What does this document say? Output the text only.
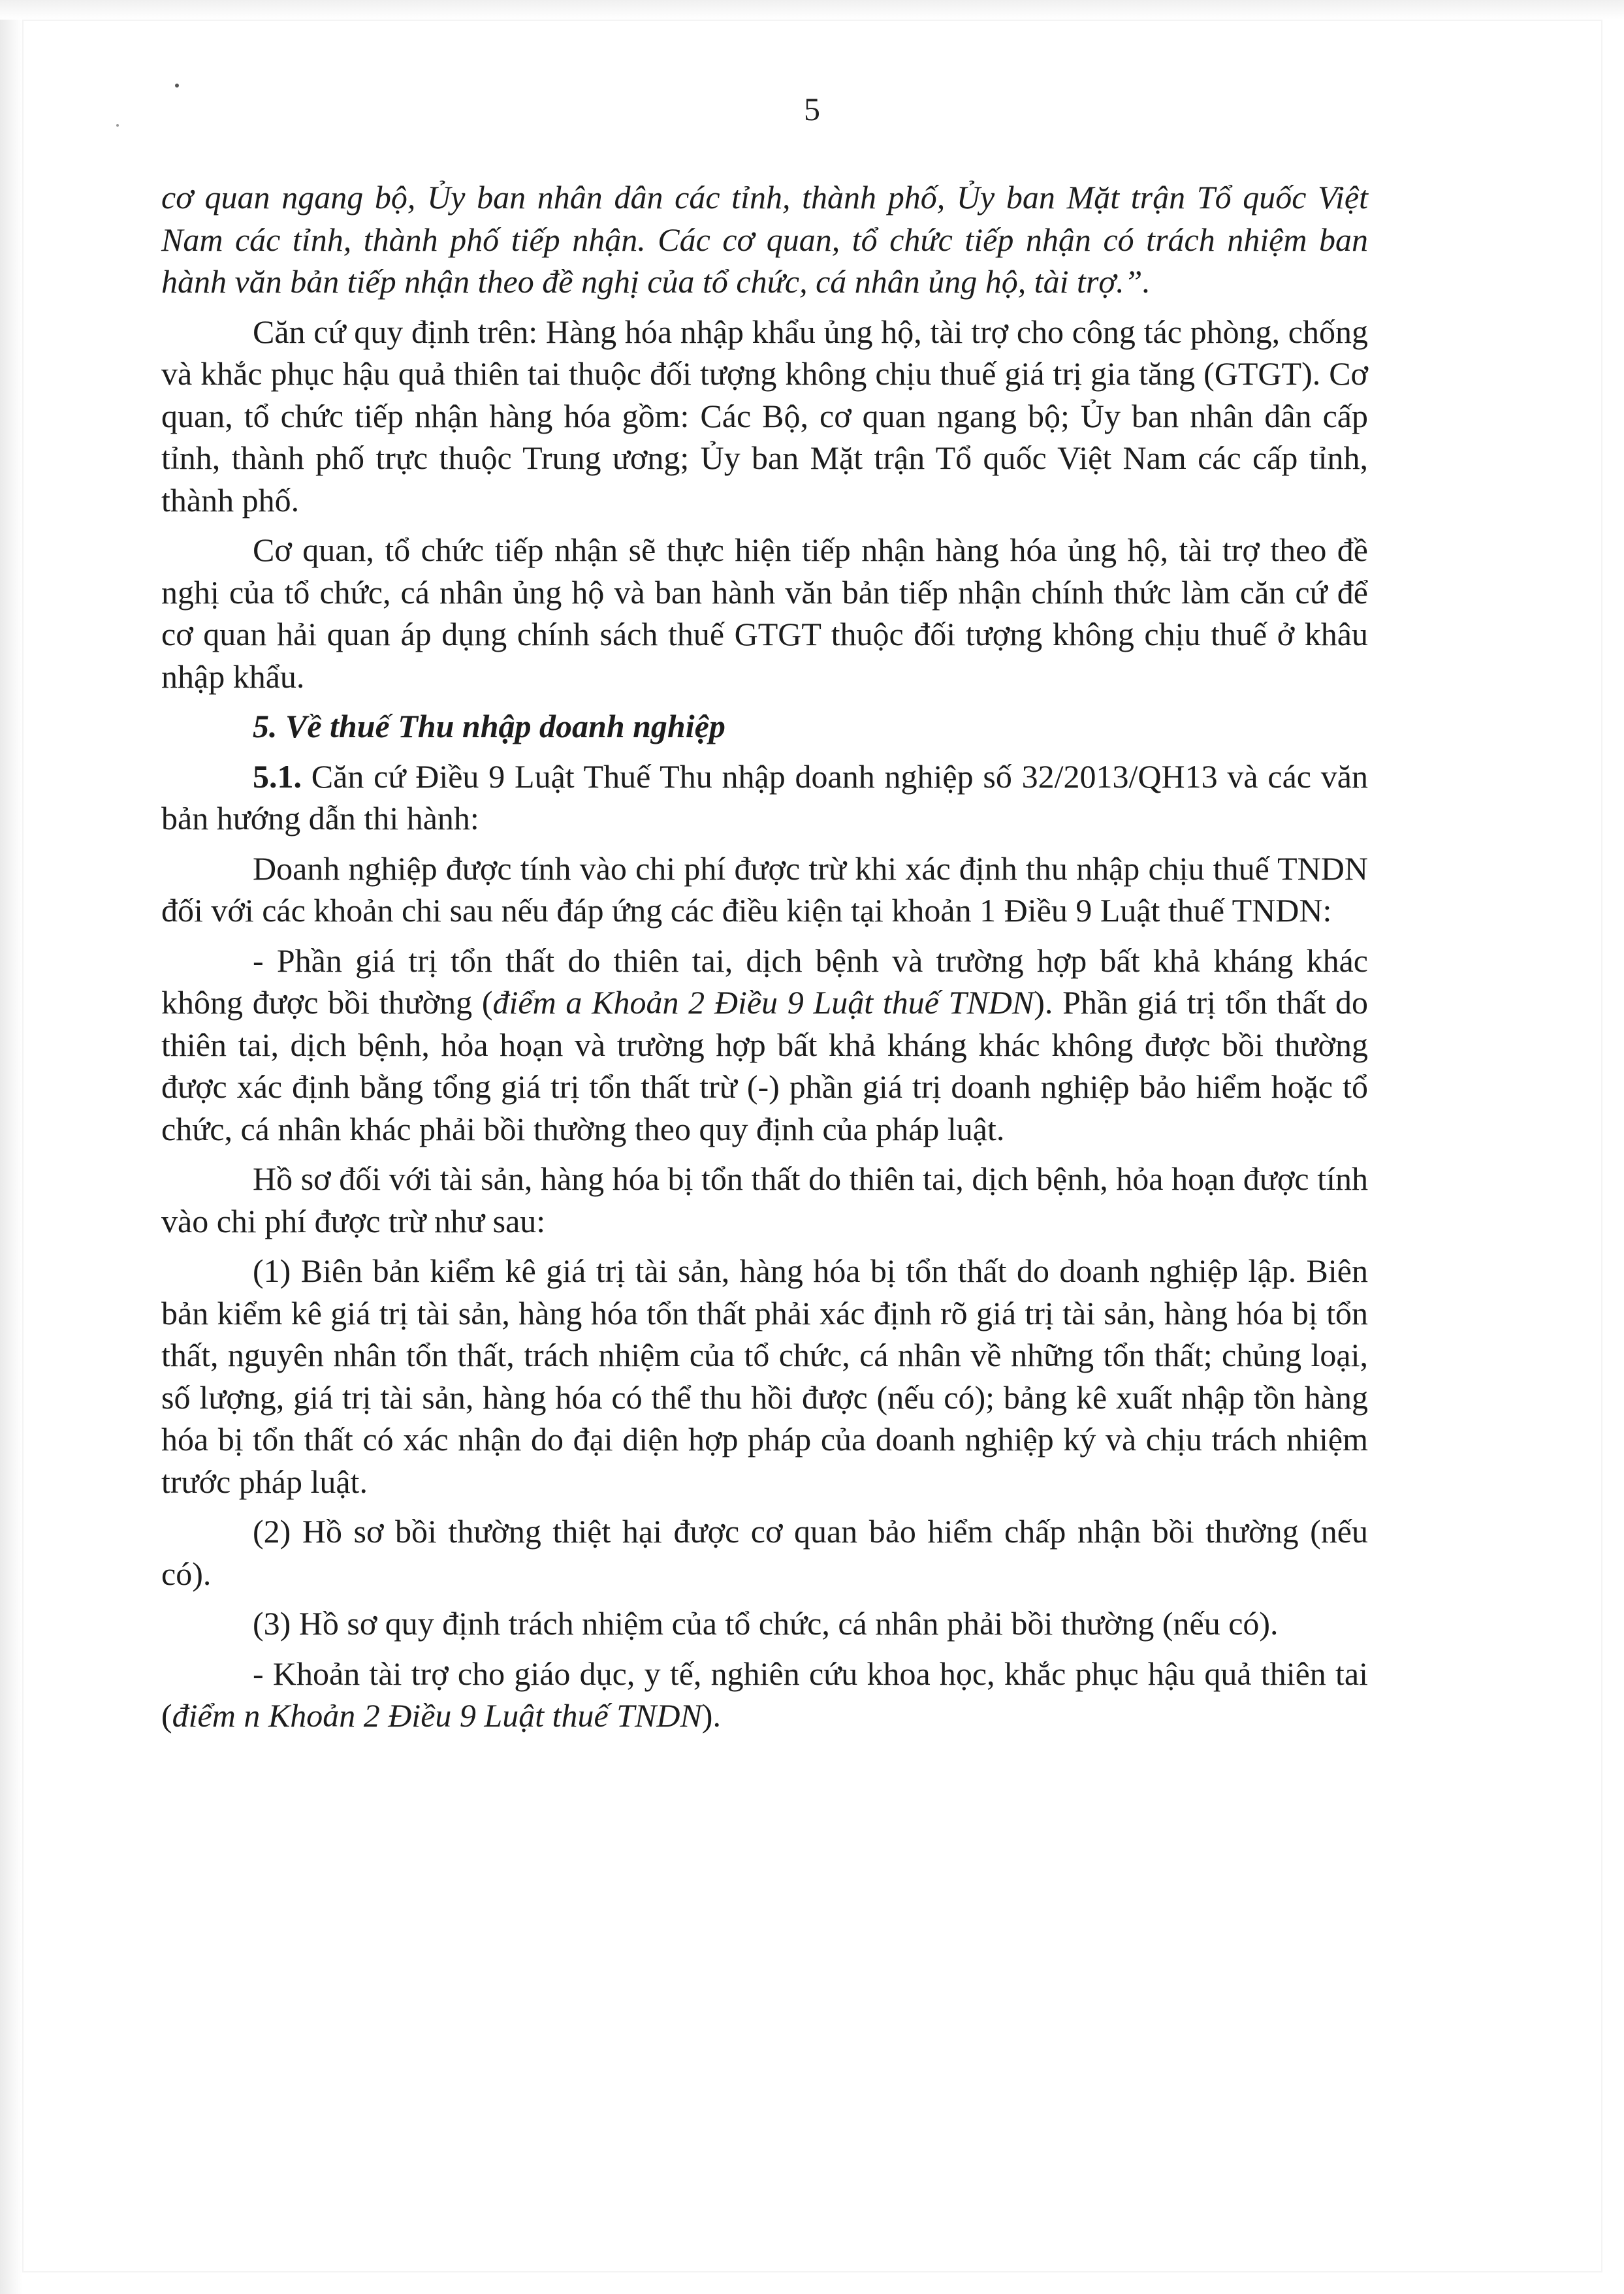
5

cơ quan ngang bộ, Ủy ban nhân dân các tỉnh, thành phố, Ủy ban Mặt trận Tổ quốc Việt Nam các tỉnh, thành phố tiếp nhận. Các cơ quan, tổ chức tiếp nhận có trách nhiệm ban hành văn bản tiếp nhận theo đề nghị của tổ chức, cá nhân ủng hộ, tài trợ.”.

Căn cứ quy định trên: Hàng hóa nhập khẩu ủng hộ, tài trợ cho công tác phòng, chống và khắc phục hậu quả thiên tai thuộc đối tượng không chịu thuế giá trị gia tăng (GTGT). Cơ quan, tổ chức tiếp nhận hàng hóa gồm: Các Bộ, cơ quan ngang bộ; Ủy ban nhân dân cấp tỉnh, thành phố trực thuộc Trung ương; Ủy ban Mặt trận Tổ quốc Việt Nam các cấp tỉnh, thành phố.

Cơ quan, tổ chức tiếp nhận sẽ thực hiện tiếp nhận hàng hóa ủng hộ, tài trợ theo đề nghị của tổ chức, cá nhân ủng hộ và ban hành văn bản tiếp nhận chính thức làm căn cứ để cơ quan hải quan áp dụng chính sách thuế GTGT thuộc đối tượng không chịu thuế ở khâu nhập khẩu.

5. Về thuế Thu nhập doanh nghiệp

5.1. Căn cứ Điều 9 Luật Thuế Thu nhập doanh nghiệp số 32/2013/QH13 và các văn bản hướng dẫn thi hành:

Doanh nghiệp được tính vào chi phí được trừ khi xác định thu nhập chịu thuế TNDN đối với các khoản chi sau nếu đáp ứng các điều kiện tại khoản 1 Điều 9 Luật thuế TNDN:

- Phần giá trị tổn thất do thiên tai, dịch bệnh và trường hợp bất khả kháng khác không được bồi thường (điểm a Khoản 2 Điều 9 Luật thuế TNDN). Phần giá trị tổn thất do thiên tai, dịch bệnh, hỏa hoạn và trường hợp bất khả kháng khác không được bồi thường được xác định bằng tổng giá trị tổn thất trừ (-) phần giá trị doanh nghiệp bảo hiểm hoặc tổ chức, cá nhân khác phải bồi thường theo quy định của pháp luật.

Hồ sơ đối với tài sản, hàng hóa bị tổn thất do thiên tai, dịch bệnh, hỏa hoạn được tính vào chi phí được trừ như sau:

(1) Biên bản kiểm kê giá trị tài sản, hàng hóa bị tổn thất do doanh nghiệp lập. Biên bản kiểm kê giá trị tài sản, hàng hóa tổn thất phải xác định rõ giá trị tài sản, hàng hóa bị tổn thất, nguyên nhân tổn thất, trách nhiệm của tổ chức, cá nhân về những tổn thất; chủng loại, số lượng, giá trị tài sản, hàng hóa có thể thu hồi được (nếu có); bảng kê xuất nhập tồn hàng hóa bị tổn thất có xác nhận do đại diện hợp pháp của doanh nghiệp ký và chịu trách nhiệm trước pháp luật.

(2) Hồ sơ bồi thường thiệt hại được cơ quan bảo hiểm chấp nhận bồi thường (nếu có).

(3) Hồ sơ quy định trách nhiệm của tổ chức, cá nhân phải bồi thường (nếu có).

- Khoản tài trợ cho giáo dục, y tế, nghiên cứu khoa học, khắc phục hậu quả thiên tai (điểm n Khoản 2 Điều 9 Luật thuế TNDN).
